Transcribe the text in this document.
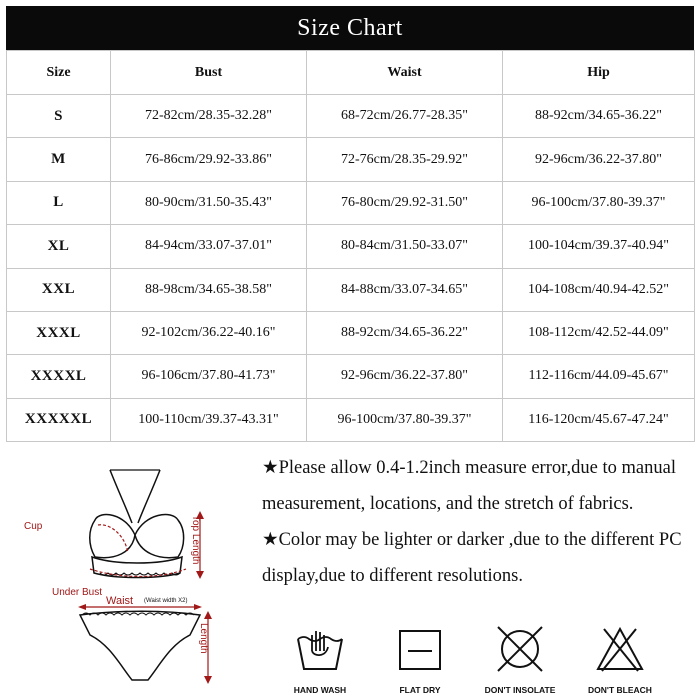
Size Chart
Size	Bust	Waist	Hip
S	72-82cm/28.35-32.28"	68-72cm/26.77-28.35"	88-92cm/34.65-36.22"
M	76-86cm/29.92-33.86"	72-76cm/28.35-29.92"	92-96cm/36.22-37.80"
L	80-90cm/31.50-35.43"	76-80cm/29.92-31.50"	96-100cm/37.80-39.37"
XL	84-94cm/33.07-37.01"	80-84cm/31.50-33.07"	100-104cm/39.37-40.94"
XXL	88-98cm/34.65-38.58"	84-88cm/33.07-34.65"	104-108cm/40.94-42.52"
XXXL	92-102cm/36.22-40.16"	88-92cm/34.65-36.22"	108-112cm/42.52-44.09"
XXXXL	96-106cm/37.80-41.73"	92-96cm/36.22-37.80"	112-116cm/44.09-45.67"
XXXXXL	100-110cm/39.37-43.31"	96-100cm/37.80-39.37"	116-120cm/45.67-47.24"
Cup	Top Length
Under Bust
Waist (Waist width X2)
Length

★Please allow 0.4-1.2inch measure error,due to manual measurement, locations, and the stretch of fabrics.

★Color may be lighter or darker ,due to the different PC display,due to different resolutions.

HAND WASH	FLAT DRY	DON'T INSOLATE	DON'T BLEACH
